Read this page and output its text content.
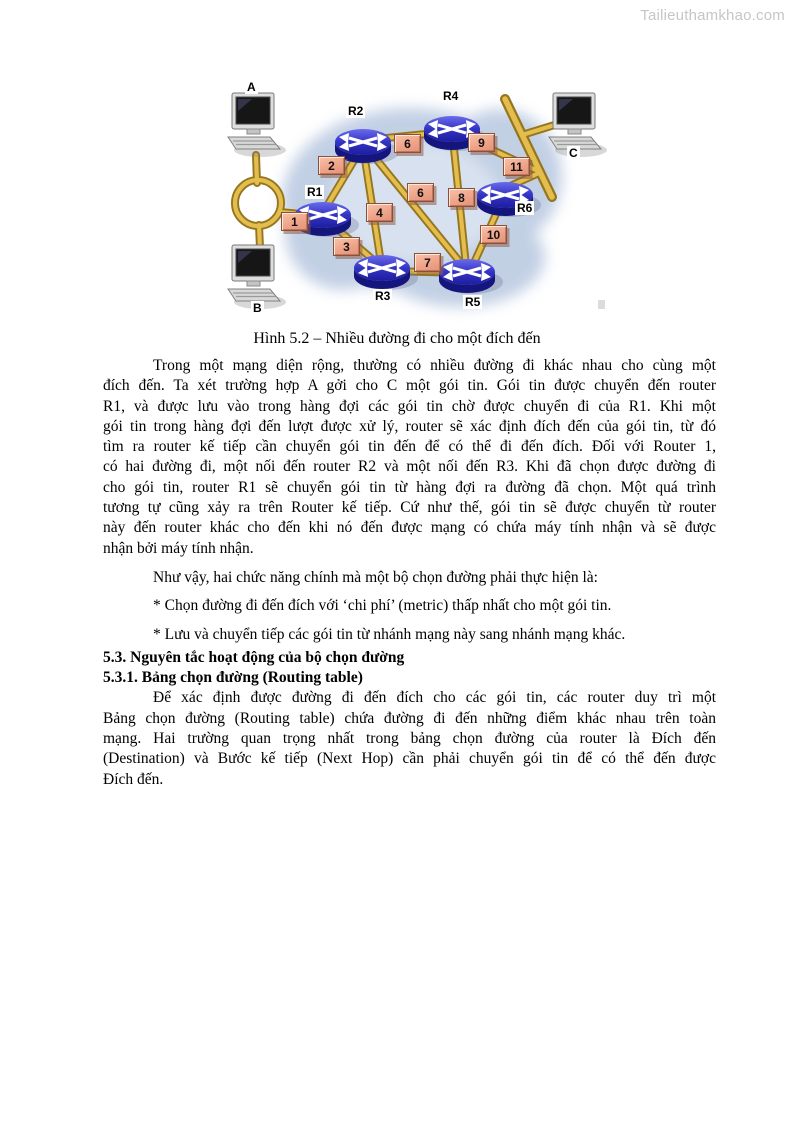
Tailieuthamkhao.com
1
2
3
4
6
6
7
8
9
10
11
A
B
C
R1
R2
R3
R4
R5
R6
Hình 5.2 – Nhiều đường đi cho một đích đến

Trong một mạng diện rộng, thường có nhiều đường đi khác nhau cho cùng một

đích đến. Ta xét trường hợp A gởi cho C một gói tin. Gói tin được chuyển đến router

R1, và được lưu vào trong hàng đợi các gói tin chờ được chuyển đi của R1. Khi một

gói tin trong hàng đợi đến lượt được xử lý, router sẽ xác định đích đến của gói tin, từ đó

tìm ra router kế tiếp cần chuyển gói tin đến để có thể đi đến đích. Đối với Router 1,

có hai đường đi, một nối đến router R2 và một nối đến R3. Khi đã chọn được đường đi

cho gói tin, router R1 sẽ chuyển gói tin từ hàng đợi ra đường đã chọn. Một quá trình

tương tự cũng xảy ra trên Router kế tiếp. Cứ như thế, gói tin sẽ được chuyển từ router

này đến router khác cho đến khi nó đến được mạng có chứa máy tính nhận và sẽ được

nhận bởi máy tính nhận.

Như vậy, hai chức năng chính mà một bộ chọn đường phải thực hiện là:

* Chọn đường đi đến đích với ‘chi phí’ (metric) thấp nhất cho một gói tin.

* Lưu và chuyển tiếp các gói tin từ nhánh mạng này sang nhánh mạng khác.

5.3. Nguyên tắc hoạt động của bộ chọn đường
5.3.1. Bảng chọn đường (Routing table)

Để xác định được đường đi đến đích cho các gói tin, các router duy trì một

Bảng chọn đường (Routing table) chứa đường đi đến những điểm khác nhau trên toàn

mạng. Hai trường quan trọng nhất trong bảng chọn đường của router là Đích đến

(Destination) và Bước kế tiếp (Next Hop) cần phải chuyển gói tin để có thể đến được

Đích đến.
